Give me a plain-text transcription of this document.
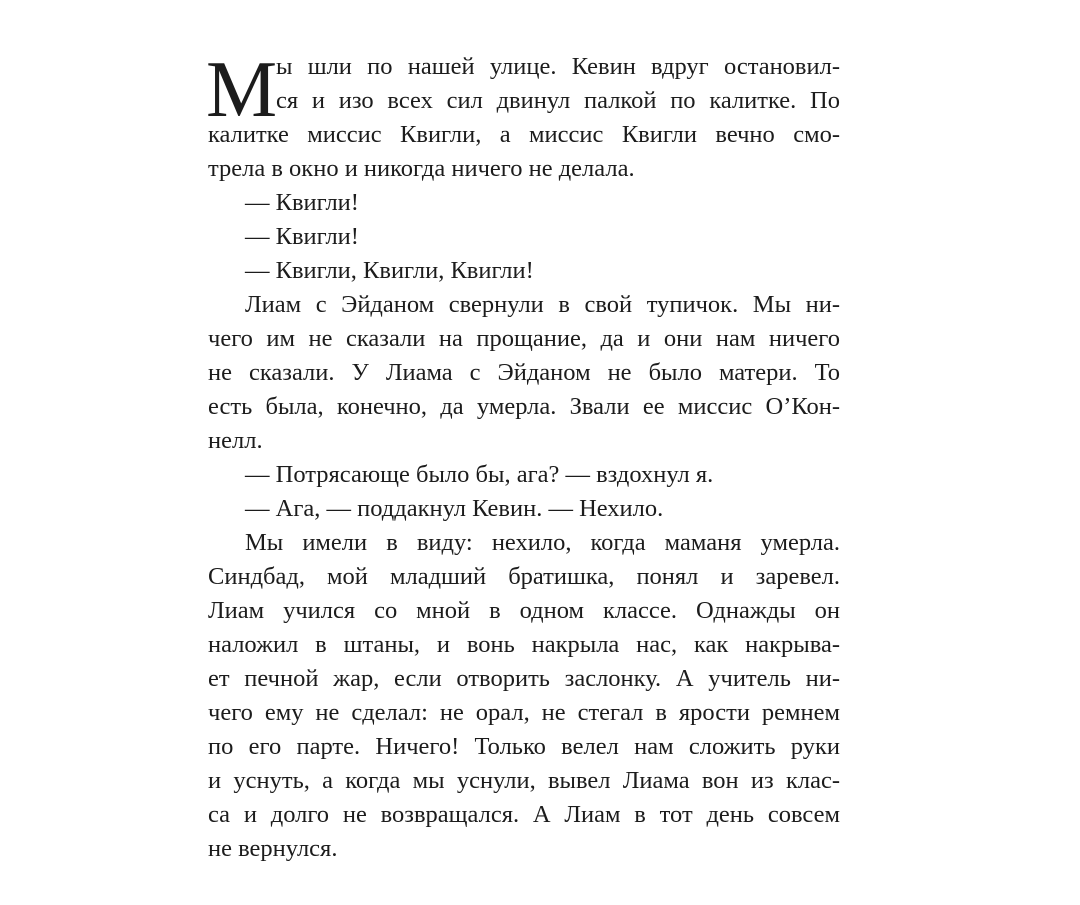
М ы шли по нашей улице. Кевин вдруг остановил-
ся и изо всех сил двинул палкой по калитке. По
калитке миссис Квигли, а миссис Квигли вечно смо-
трела в окно и никогда ничего не делала.
— Квигли!
— Квигли!
— Квигли, Квигли, Квигли!
Лиам с Эйданом свернули в свой тупичок. Мы ни-
чего им не сказали на прощание, да и они нам ничего
не сказали. У Лиама с Эйданом не было матери. То
есть была, конечно, да умерла. Звали ее миссис О’Кон-
нелл.
— Потрясающе было бы, ага? — вздохнул я.
— Ага, — поддакнул Кевин. — Нехило.
Мы имели в виду: нехило, когда маманя умерла.
Синдбад, мой младший братишка, понял и заревел.
Лиам учился со мной в одном классе. Однажды он
наложил в штаны, и вонь накрыла нас, как накрыва-
ет печной жар, если отворить заслонку. А учитель ни-
чего ему не сделал: не орал, не стегал в ярости ремнем
по его парте. Ничего! Только велел нам сложить руки
и уснуть, а когда мы уснули, вывел Лиама вон из клас-
са и долго не возвращался. А Лиам в тот день совсем
не вернулся.
